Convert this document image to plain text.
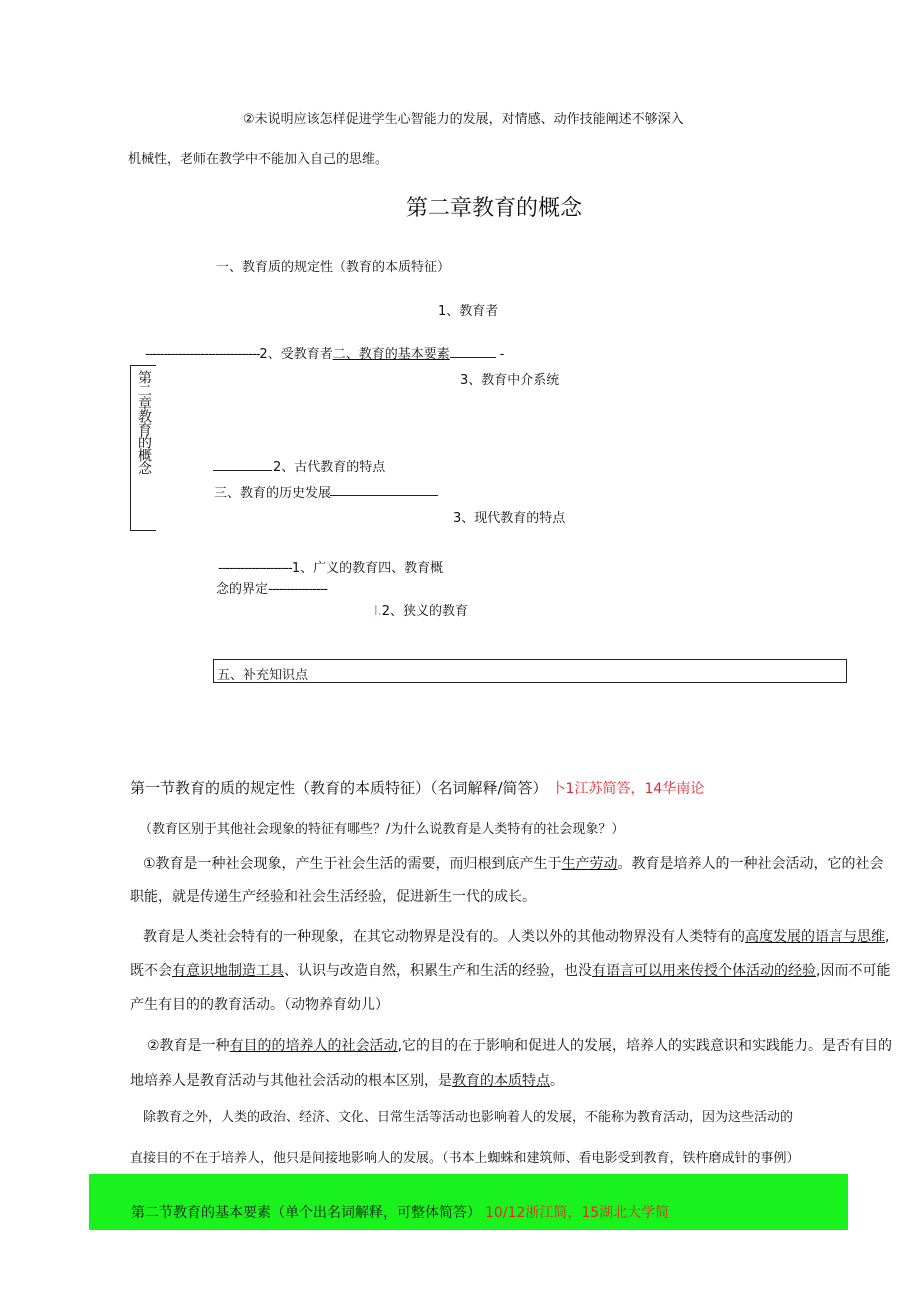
②未说明应该怎样促进学生心智能力的发展，对情感、动作技能阐述不够深入
机械性，老师在教学中不能加入自己的思维。
第二章教育的概念
一、教育质的规定性（教育的本质特征）
1、教育者
-------------------------------2、受教育者二、教育的基本要素	-
3、教育中介系统
第二章教育的概念	2、古代教育的特点
三、教育的历史发展
3、现代教育的特点
--------------------1、广义的教育四、教育概
念的界定----------------
l.2、狭义的教育
五、补充知识点
第一节教育的质的规定性（教育的本质特征）（名词解释/简答） 卜1江苏简答，14华南论
（教育区别于其他社会现象的特征有哪些？/为什么说教育是人类特有的社会现象？）
①教育是一种社会现象，产生于社会生活的需要，而归根到底产生于生产劳动。教育是培养人的一种社会活动，它的社会
职能，就是传递生产经验和社会生活经验，促进新生一代的成长。
教育是人类社会特有的一种现象，在其它动物界是没有的。人类以外的其他动物界没有人类特有的高度发展的语言与思维,
既不会有意识地制造工具、认识与改造自然，积累生产和生活的经验，也没有语言可以用来传授个体活动的经验,因而不可能
产生有目的的教育活动。（动物养育幼儿）
②教育是一种有目的的培养人的社会活动,它的目的在于影响和促进人的发展，培养人的实践意识和实践能力。是否有目的
地培养人是教育活动与其他社会活动的根本区别，是教育的本质特点。
除教育之外，人类的政治、经济、文化、日常生活等活动也影响着人的发展，不能称为教育活动，因为这些活动的
直接目的不在于培养人，他只是间接地影响人的发展。（书本上蜘蛛和建筑师、看电影受到教育，铁杵磨成针的事例）
第二节教育的基本要素（单个出名词解释，可整体简答） 10/12浙江简，15湖北大学简
